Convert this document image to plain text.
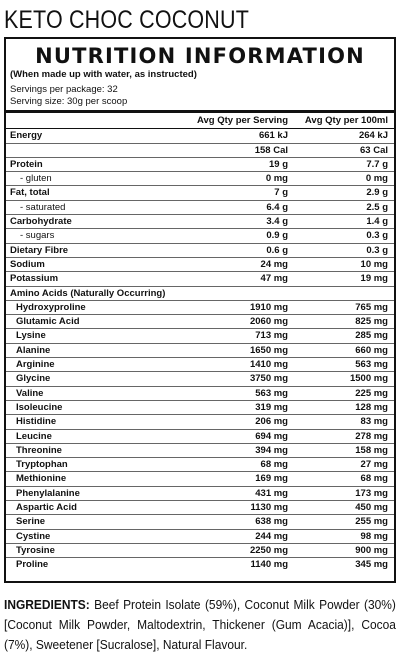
KETO CHOC COCONUT
NUTRITION INFORMATION
(When made up with water, as instructed)
Servings per package: 32
Serving size: 30g per scoop
	Avg Qty per Serving	Avg Qty per 100ml
Energy	661 kJ	264 kJ
	158 Cal	63 Cal
Protein	19 g	7.7 g
- gluten	0 mg	0 mg
Fat, total	7 g	2.9 g
- saturated	6.4 g	2.5 g
Carbohydrate	3.4 g	1.4 g
- sugars	0.9 g	0.3 g
Dietary Fibre	0.6 g	0.3 g
Sodium	24 mg	10 mg
Potassium	47 mg	19 mg
Amino Acids (Naturally Occurring)		
Hydroxyproline	1910 mg	765 mg
Glutamic Acid	2060 mg	825 mg
Lysine	713 mg	285 mg
Alanine	1650 mg	660 mg
Arginine	1410 mg	563 mg
Glycine	3750 mg	1500 mg
Valine	563 mg	225 mg
Isoleucine	319 mg	128 mg
Histidine	206 mg	83 mg
Leucine	694 mg	278 mg
Threonine	394 mg	158 mg
Tryptophan	68 mg	27 mg
Methionine	169 mg	68 mg
Phenylalanine	431 mg	173 mg
Aspartic Acid	1130 mg	450 mg
Serine	638 mg	255 mg
Cystine	244 mg	98 mg
Tyrosine	2250 mg	900 mg
Proline	1140 mg	345 mg
INGREDIENTS: Beef Protein Isolate (59%), Coconut Milk Powder (30%) [Coconut Milk Powder, Maltodextrin, Thickener (Gum Acacia)], Cocoa (7%), Sweetener [Sucralose], Natural Flavour.
